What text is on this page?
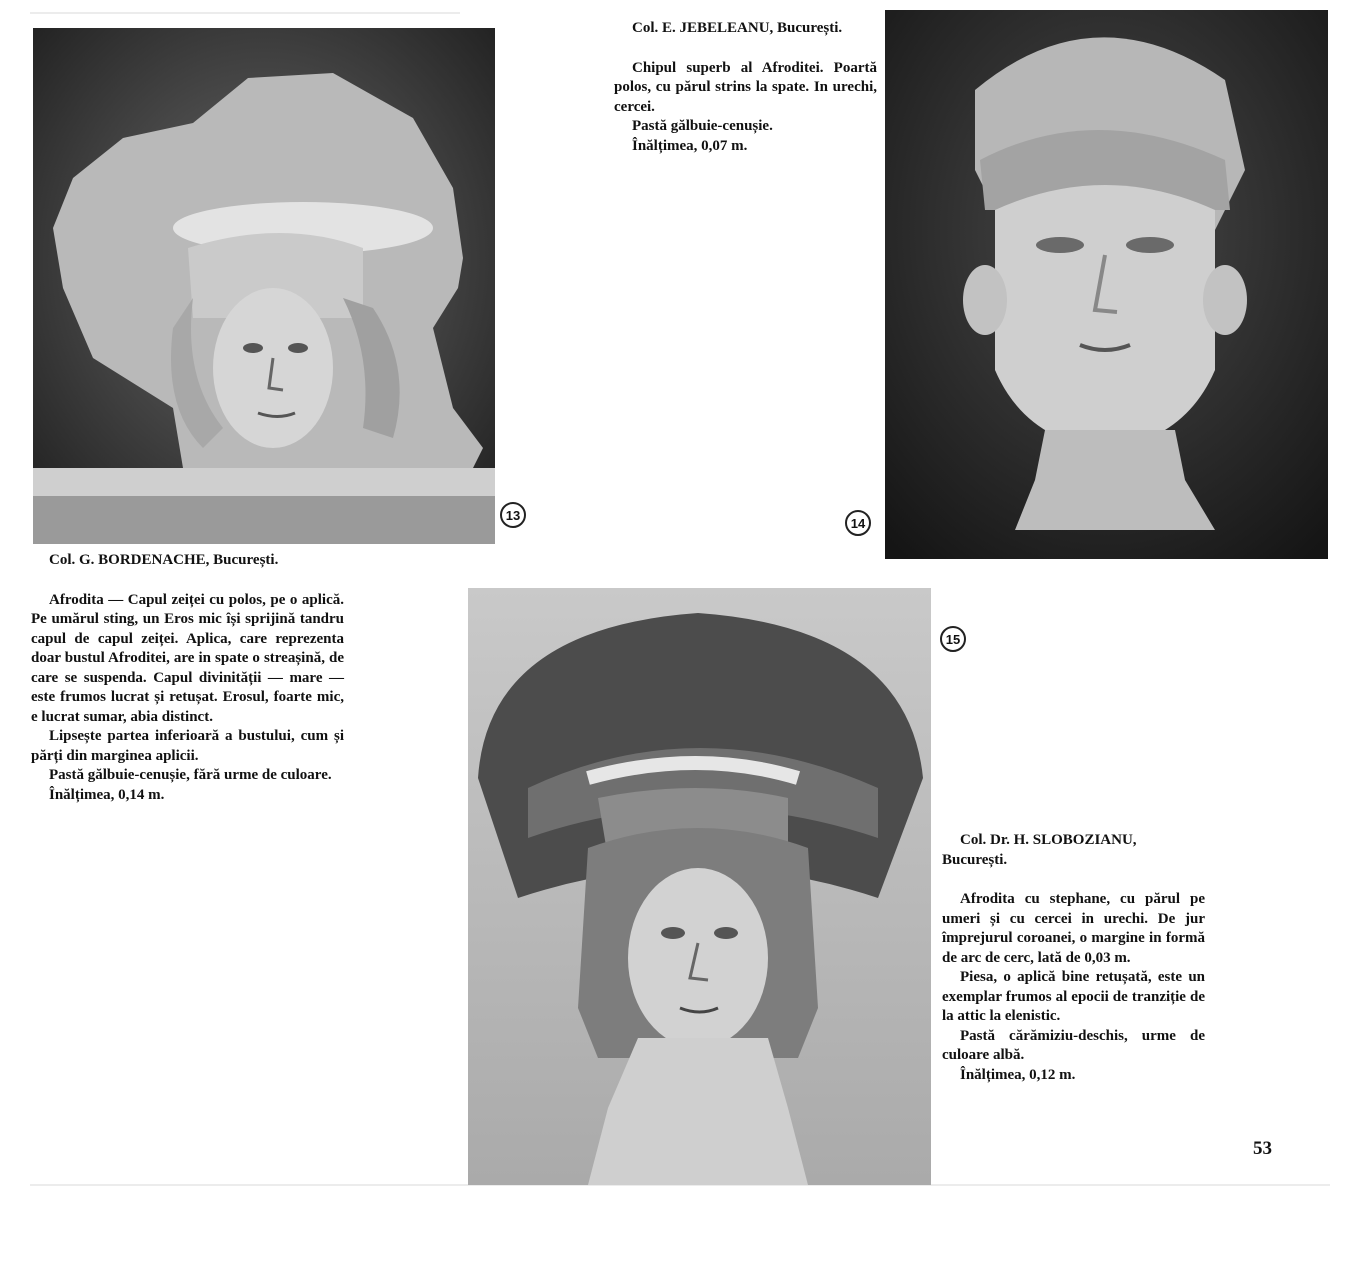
13
14
15

Col. G. BORDENACHE, București.

Afrodita — Capul zeiței cu polos, pe o aplică. Pe umărul sting, un Eros mic își sprijină tandru capul de capul zeiței. Aplica, care reprezenta doar bustul Afroditei, are in spate o streașină, de care se suspenda. Capul divinității — mare — este frumos lucrat și retușat. Erosul, foarte mic, e lucrat sumar, abia distinct.

Lipsește partea inferioară a bustului, cum și părți din marginea aplicii.

Pastă gălbuie-cenușie, fără urme de culoare.

Înălțimea, 0,14 m.

Col. E. JEBELEANU, București.

Chipul superb al Afroditei. Poartă polos, cu părul strins la spate. In urechi, cercei.

Pastă gălbuie-cenușie.

Înălțimea, 0,07 m.

Col. Dr. H. SLOBOZIANU, București.

Afrodita cu stephane, cu părul pe umeri și cu cercei in urechi. De jur împrejurul coroanei, o margine in formă de arc de cerc, lată de 0,03 m.

Piesa, o aplică bine retușată, este un exemplar frumos al epocii de tranziție de la attic la elenistic.

Pastă cărămiziu-deschis, urme de culoare albă.

Înălțimea, 0,12 m.

53
